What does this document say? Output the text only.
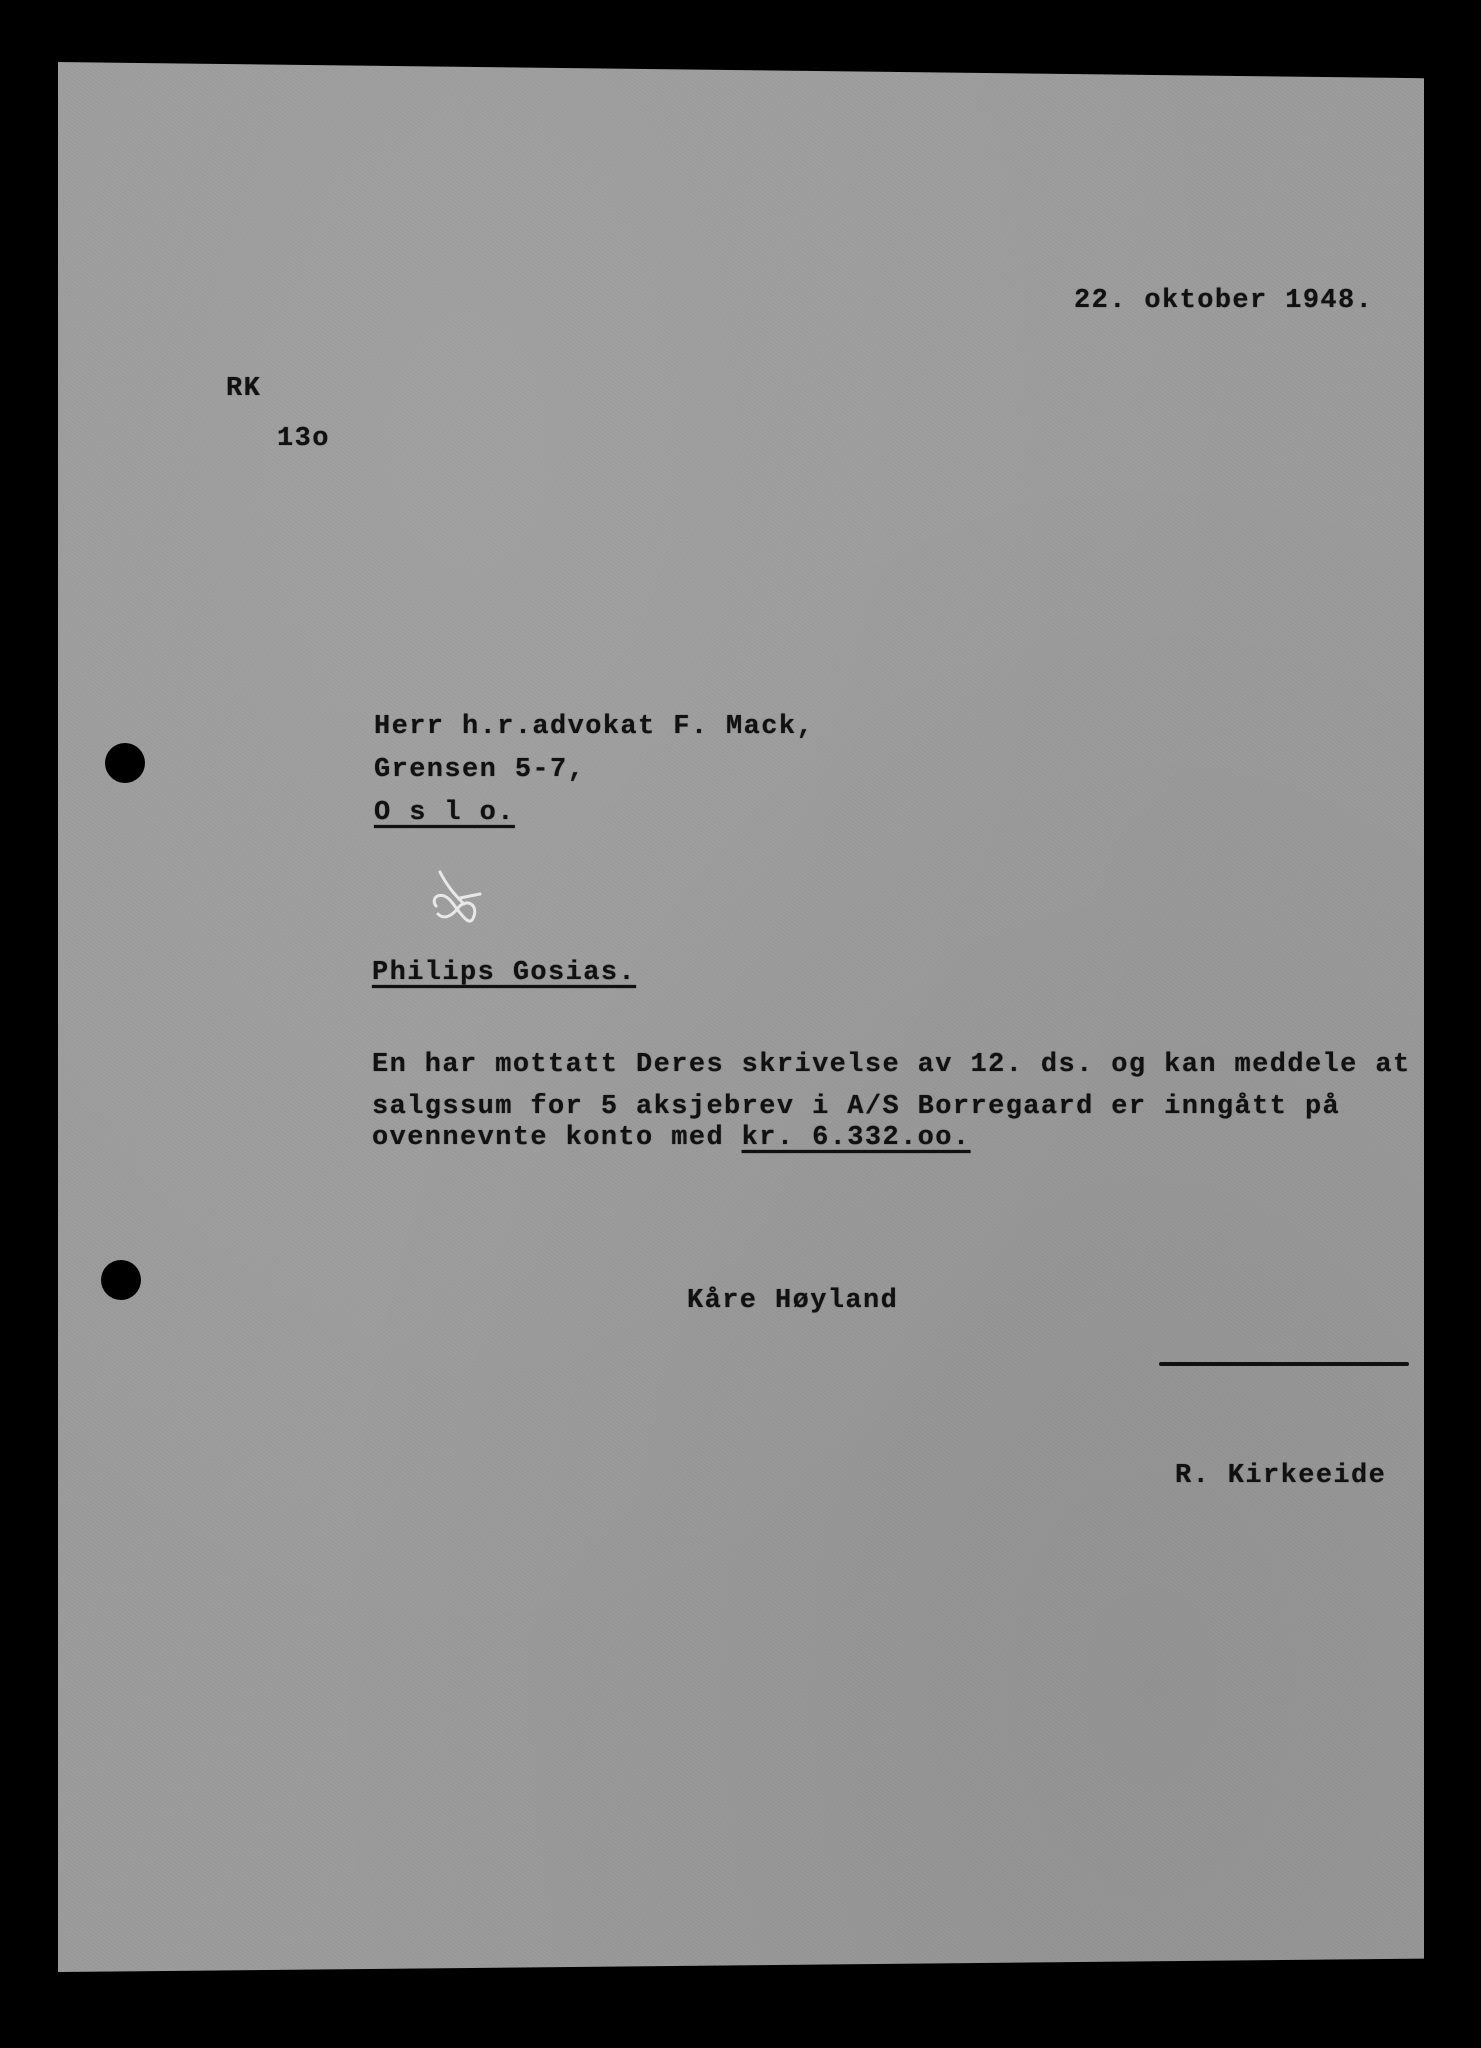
22. oktober 1948.
RK
13o
Herr h.r.advokat F. Mack,
Grensen 5-7,
O s l o.
Philips Gosias.
En har mottatt Deres skrivelse av 12. ds. og kan meddele at
salgssum for 5 aksjebrev i A/S Borregaard er inngått på
ovennevnte konto med kr. 6.332.oo.
Kåre Høyland
R. Kirkeeide
